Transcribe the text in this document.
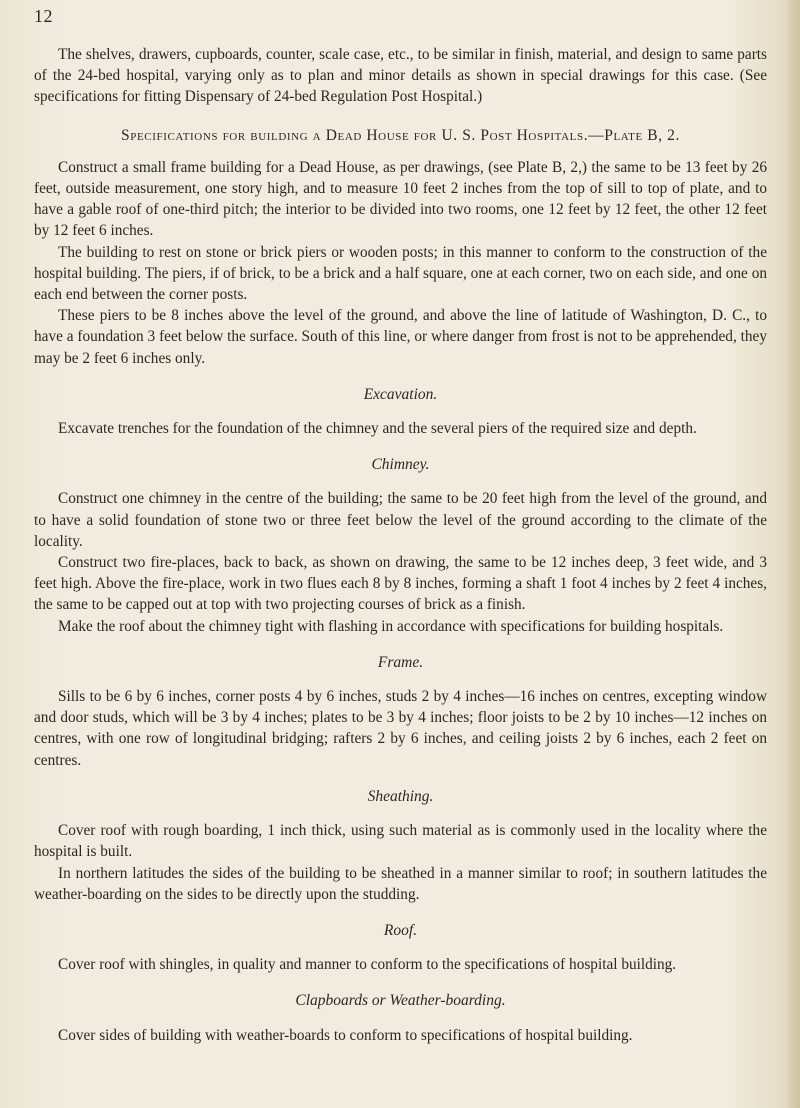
12

The shelves, drawers, cupboards, counter, scale case, etc., to be similar in finish, material, and design to same parts of the 24-bed hospital, varying only as to plan and minor details as shown in special drawings for this case. (See specifications for fitting Dispensary of 24-bed Regulation Post Hospital.)

Specifications for building a Dead House for U. S. Post Hospitals.—Plate B, 2.

Construct a small frame building for a Dead House, as per drawings, (see Plate B, 2,) the same to be 13 feet by 26 feet, outside measurement, one story high, and to measure 10 feet 2 inches from the top of sill to top of plate, and to have a gable roof of one-third pitch; the interior to be divided into two rooms, one 12 feet by 12 feet, the other 12 feet by 12 feet 6 inches.

The building to rest on stone or brick piers or wooden posts; in this manner to conform to the construction of the hospital building. The piers, if of brick, to be a brick and a half square, one at each corner, two on each side, and one on each end between the corner posts.

These piers to be 8 inches above the level of the ground, and above the line of latitude of Washington, D. C., to have a foundation 3 feet below the surface. South of this line, or where danger from frost is not to be apprehended, they may be 2 feet 6 inches only.

Excavation.

Excavate trenches for the foundation of the chimney and the several piers of the required size and depth.

Chimney.

Construct one chimney in the centre of the building; the same to be 20 feet high from the level of the ground, and to have a solid foundation of stone two or three feet below the level of the ground according to the climate of the locality.

Construct two fire-places, back to back, as shown on drawing, the same to be 12 inches deep, 3 feet wide, and 3 feet high. Above the fire-place, work in two flues each 8 by 8 inches, forming a shaft 1 foot 4 inches by 2 feet 4 inches, the same to be capped out at top with two projecting courses of brick as a finish.

Make the roof about the chimney tight with flashing in accordance with specifications for building hospitals.

Frame.

Sills to be 6 by 6 inches, corner posts 4 by 6 inches, studs 2 by 4 inches—16 inches on centres, excepting window and door studs, which will be 3 by 4 inches; plates to be 3 by 4 inches; floor joists to be 2 by 10 inches—12 inches on centres, with one row of longitudinal bridging; rafters 2 by 6 inches, and ceiling joists 2 by 6 inches, each 2 feet on centres.

Sheathing.

Cover roof with rough boarding, 1 inch thick, using such material as is commonly used in the locality where the hospital is built.

In northern latitudes the sides of the building to be sheathed in a manner similar to roof; in southern latitudes the weather-boarding on the sides to be directly upon the studding.

Roof.

Cover roof with shingles, in quality and manner to conform to the specifications of hospital building.

Clapboards or Weather-boarding.

Cover sides of building with weather-boards to conform to specifications of hospital building.
